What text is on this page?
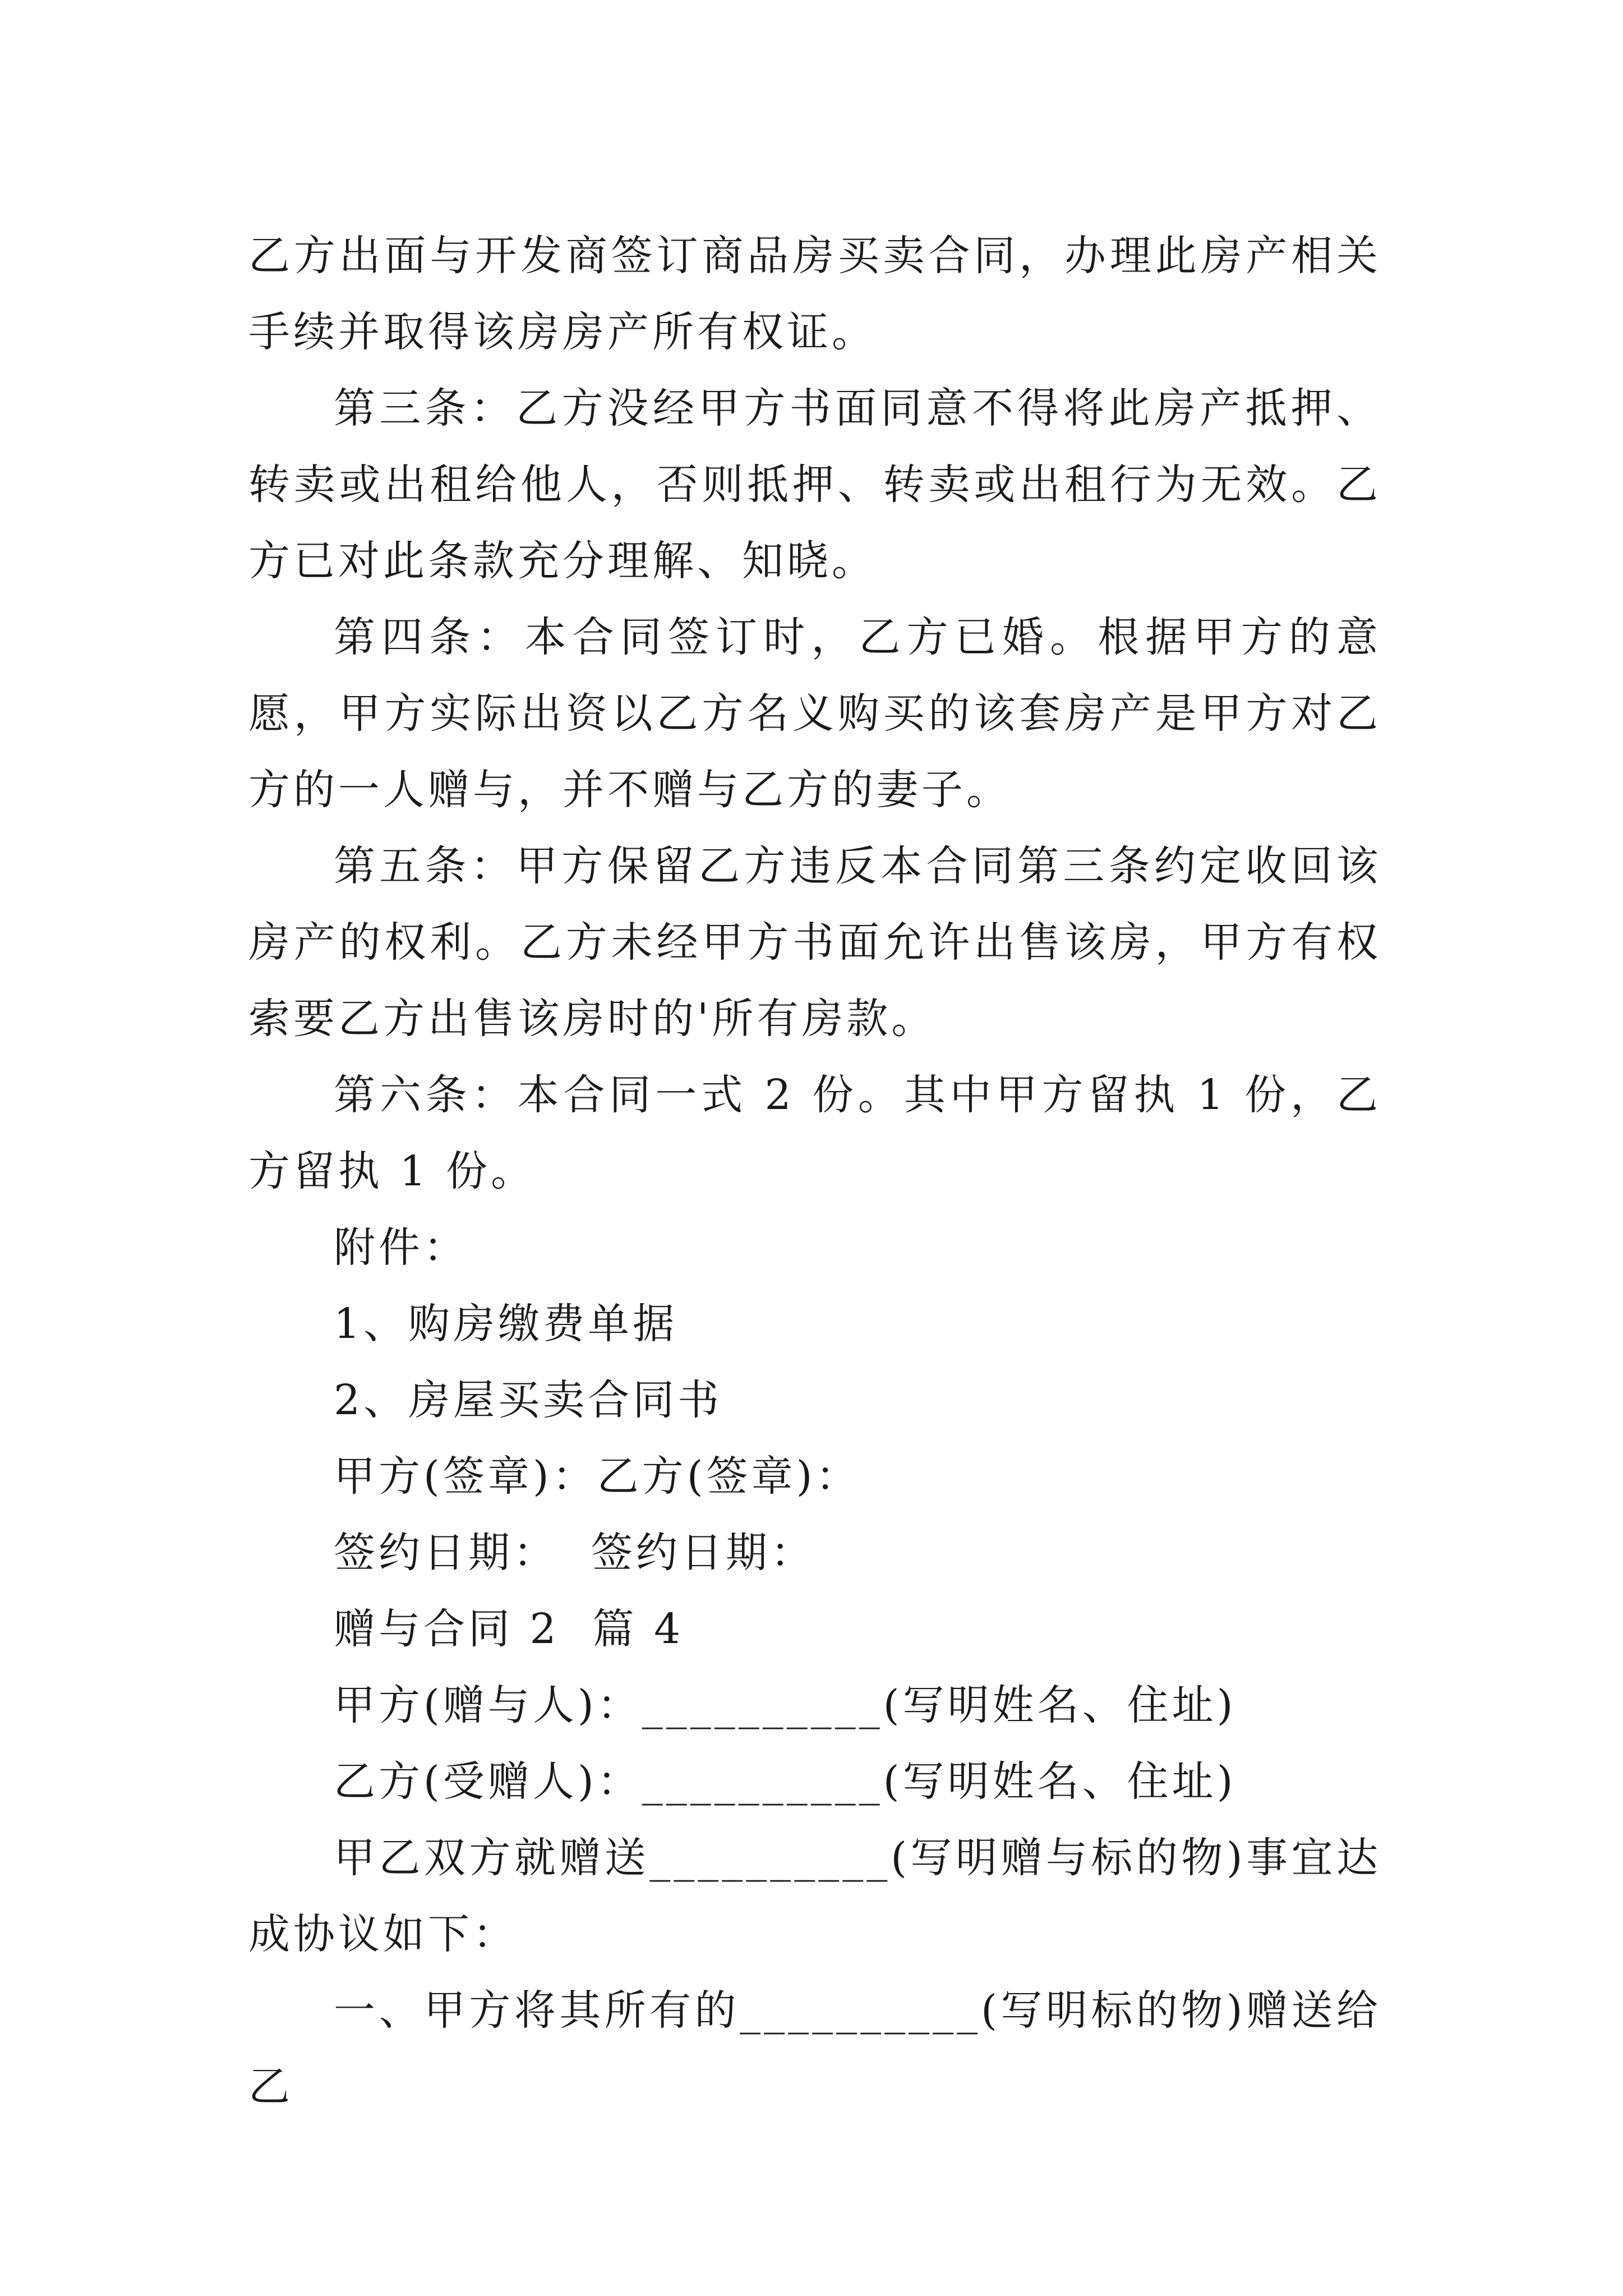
乙方出面与开发商签订商品房买卖合同，办理此房产相关手续并取得该房房产所有权证。

第三条：乙方没经甲方书面同意不得将此房产抵押、转卖或出租给他人，否则抵押、转卖或出租行为无效。乙方已对此条款充分理解、知晓。

第四条：本合同签订时，乙方已婚。根据甲方的意愿，甲方实际出资以乙方名义购买的该套房产是甲方对乙方的一人赠与，并不赠与乙方的妻子。

第五条：甲方保留乙方违反本合同第三条约定收回该房产的权利。乙方未经甲方书面允许出售该房，甲方有权索要乙方出售该房时的'所有房款。

第六条：本合同一式 2 份。其中甲方留执 1 份，乙方留执 1 份。

附件：

1、购房缴费单据

2、房屋买卖合同书

甲方(签章)：乙方(签章)：

签约日期：  签约日期：

赠与合同 2  篇 4

甲方(赠与人)：__________(写明姓名、住址)

乙方(受赠人)：__________(写明姓名、住址)

甲乙双方就赠送__________(写明赠与标的物)事宜达成协议如下：

一、甲方将其所有的__________(写明标的物)赠送给乙
